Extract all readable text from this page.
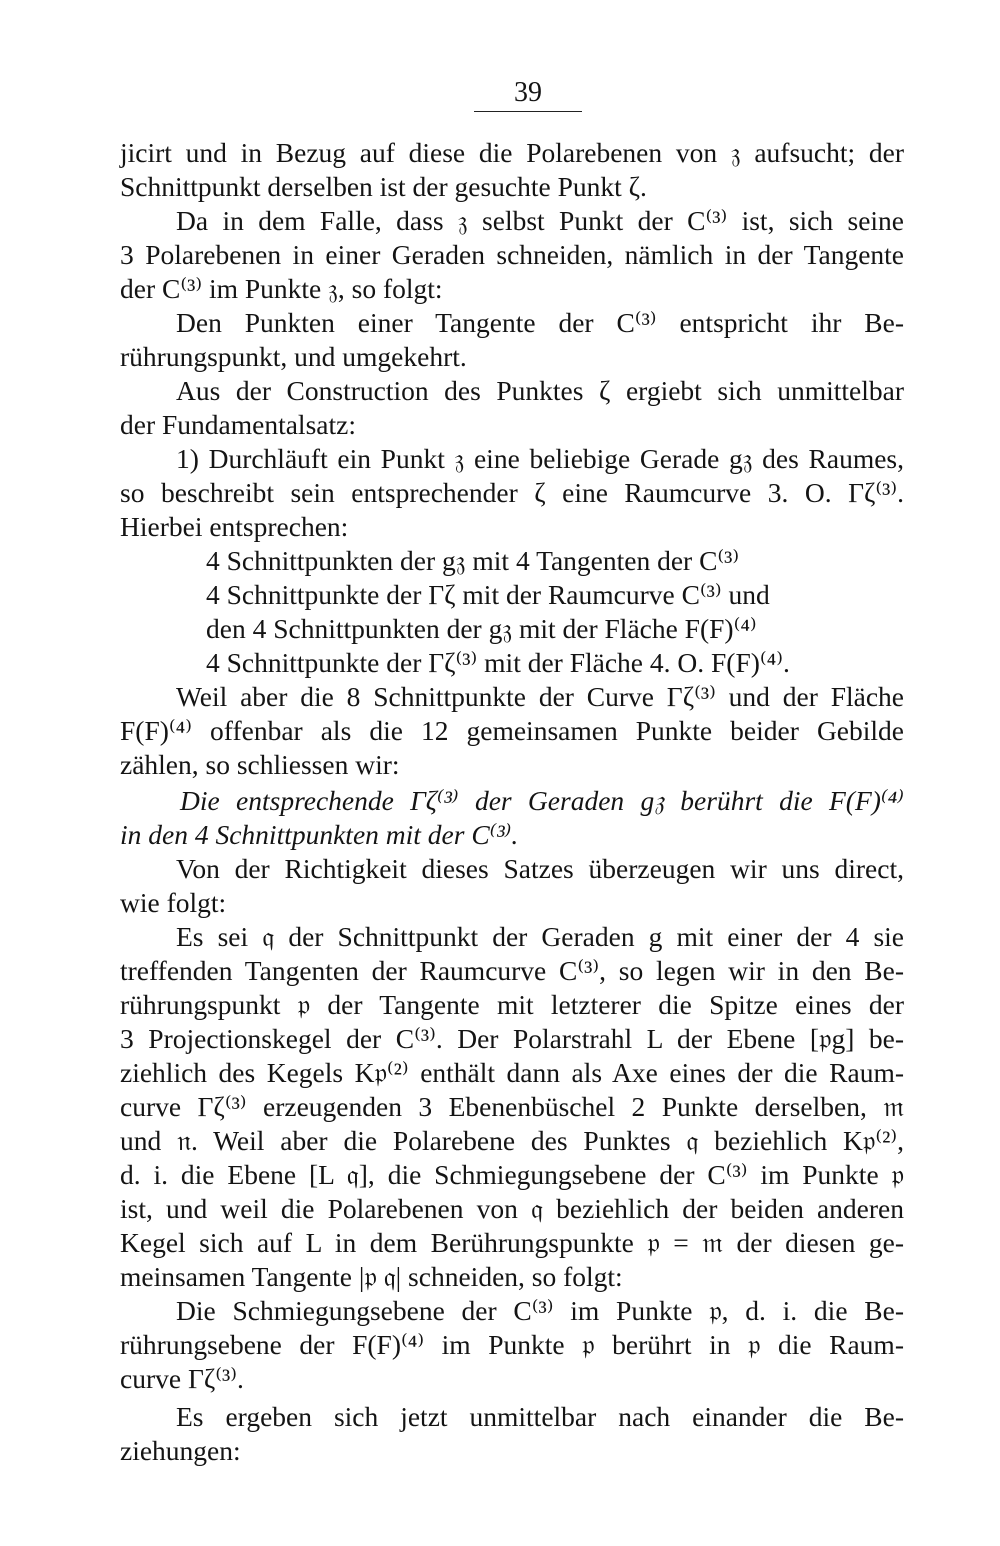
39
jicirt und in Bezug auf diese die Polarebenen von 𝔷 aufsucht; der
Schnittpunkt derselben ist der gesuchte Punkt ζ.
Da in dem Falle, dass 𝔷 selbst Punkt der C⁽³⁾ ist, sich seine
3 Polarebenen in einer Geraden schneiden, nämlich in der Tangente
der C⁽³⁾ im Punkte 𝔷, so folgt:
Den Punkten einer Tangente der C⁽³⁾ entspricht ihr Be-
rührungspunkt, und umgekehrt.
Aus der Construction des Punktes ζ ergiebt sich unmittelbar
der Fundamentalsatz:
1) Durchläuft ein Punkt 𝔷 eine beliebige Gerade g𝔷 des Raumes,
so beschreibt sein entsprechender ζ eine Raumcurve 3. O. Γζ⁽³⁾.
Hierbei entsprechen:
4 Schnittpunkten der g𝔷 mit 4 Tangenten der C⁽³⁾
4 Schnittpunkte der Γζ mit der Raumcurve C⁽³⁾ und
den 4 Schnittpunkten der g𝔷 mit der Fläche F(F)⁽⁴⁾
4 Schnittpunkte der Γζ⁽³⁾ mit der Fläche 4. O. F(F)⁽⁴⁾.
Weil aber die 8 Schnittpunkte der Curve Γζ⁽³⁾ und der Fläche
F(F)⁽⁴⁾ offenbar als die 12 gemeinsamen Punkte beider Gebilde
zählen, so schliessen wir:
Die entsprechende Γζ⁽³⁾ der Geraden g𝔷 berührt die F(F)⁽⁴⁾
in den 4 Schnittpunkten mit der C⁽³⁾.
Von der Richtigkeit dieses Satzes überzeugen wir uns direct,
wie folgt:
Es sei 𝔮 der Schnittpunkt der Geraden g mit einer der 4 sie
treffenden Tangenten der Raumcurve C⁽³⁾, so legen wir in den Be-
rührungspunkt 𝔭 der Tangente mit letzterer die Spitze eines der
3 Projectionskegel der C⁽³⁾. Der Polarstrahl L der Ebene [𝔭g] be-
ziehlich des Kegels K𝔭⁽²⁾ enthält dann als Axe eines der die Raum-
curve Γζ⁽³⁾ erzeugenden 3 Ebenenbüschel 2 Punkte derselben, 𝔪
und 𝔫. Weil aber die Polarebene des Punktes 𝔮 beziehlich K𝔭⁽²⁾,
d. i. die Ebene [L 𝔮], die Schmiegungsebene der C⁽³⁾ im Punkte 𝔭
ist, und weil die Polarebenen von 𝔮 beziehlich der beiden anderen
Kegel sich auf L in dem Berührungspunkte 𝔭 = 𝔪 der diesen ge-
meinsamen Tangente |𝔭 𝔮| schneiden, so folgt:
Die Schmiegungsebene der C⁽³⁾ im Punkte 𝔭, d. i. die Be-
rührungsebene der F(F)⁽⁴⁾ im Punkte 𝔭 berührt in 𝔭 die Raum-
curve Γζ⁽³⁾.
Es ergeben sich jetzt unmittelbar nach einander die Be-
ziehungen:
